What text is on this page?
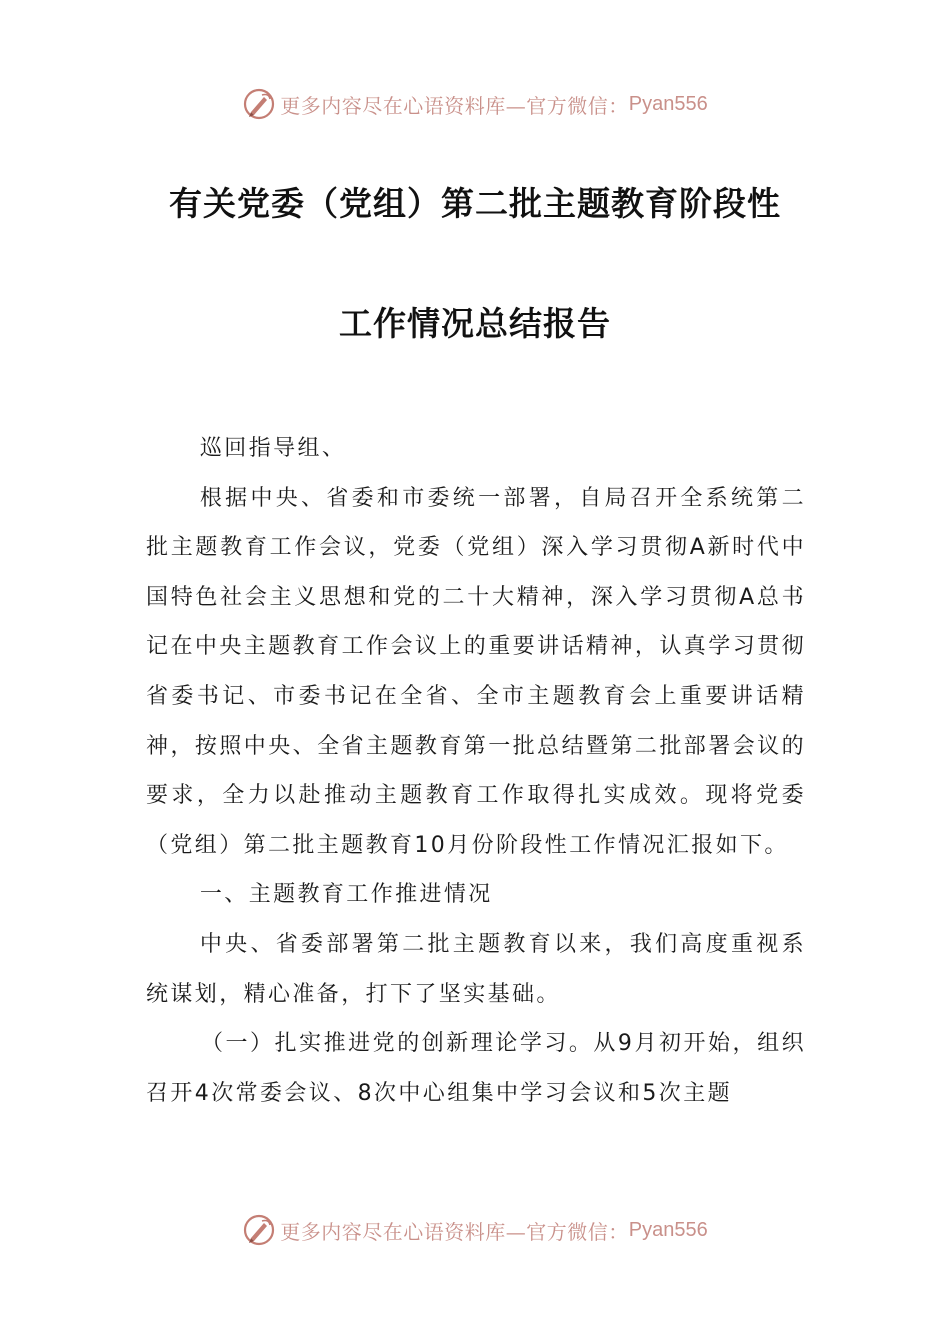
更多内容尽在心语资料库—官方微信： Pyan556
有关党委（党组）第二批主题教育阶段性
工作情况总结报告

巡回指导组、

根据中央、省委和市委统一部署，自局召开全系统第二批主题教育工作会议，党委（党组）深入学习贯彻A新时代中国特色社会主义思想和党的二十大精神，深入学习贯彻A总书记在中央主题教育工作会议上的重要讲话精神，认真学习贯彻省委书记、市委书记在全省、全市主题教育会上重要讲话精神，按照中央、全省主题教育第一批总结暨第二批部署会议的要求，全力以赴推动主题教育工作取得扎实成效。现将党委（党组）第二批主题教育10月份阶段性工作情况汇报如下。

一、主题教育工作推进情况

中央、省委部署第二批主题教育以来，我们高度重视系统谋划，精心准备，打下了坚实基础。

（一）扎实推进党的创新理论学习。从9月初开始，组织召开4次常委会议、8次中心组集中学习会议和5次主题

更多内容尽在心语资料库—官方微信： Pyan556
